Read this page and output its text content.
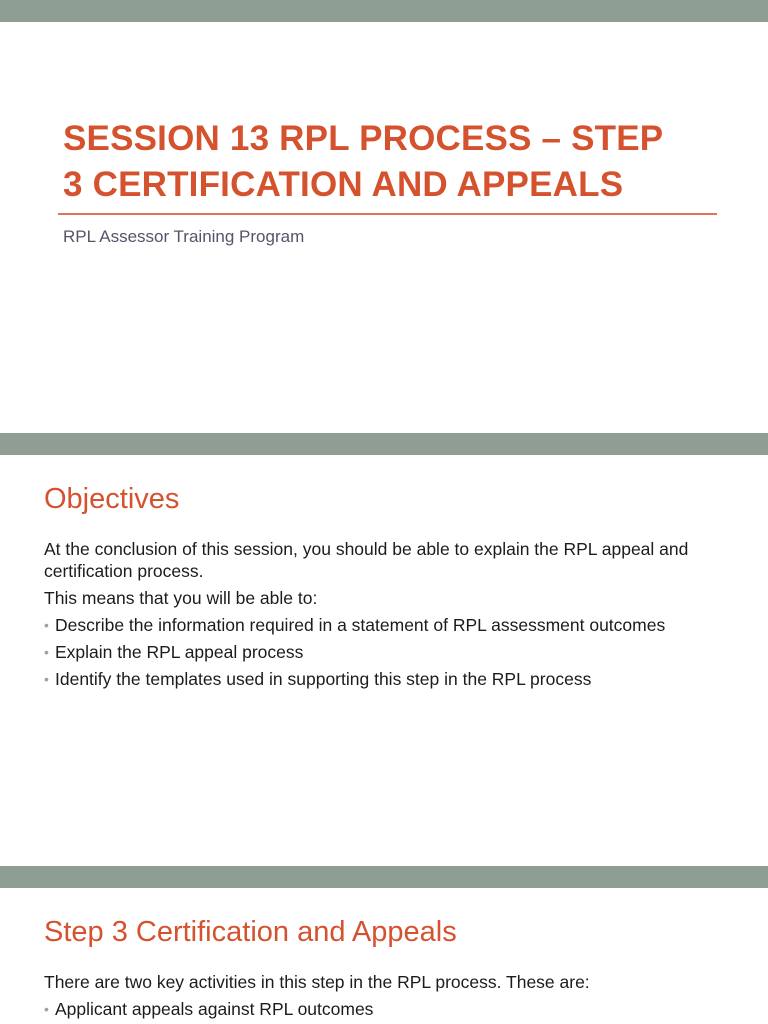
SESSION 13 RPL PROCESS – STEP
3 CERTIFICATION AND APPEALS
RPL Assessor Training Program
Objectives

At the conclusion of this session, you should be able to explain the RPL appeal and certification process.

This means that you will be able to:

• Describe the information required in a statement of RPL assessment outcomes
• Explain the RPL appeal process
• Identify the templates used in supporting this step in the RPL process
Step 3 Certification and Appeals

There are two key activities in this step in the RPL process. These are:

• Applicant appeals against RPL outcomes
